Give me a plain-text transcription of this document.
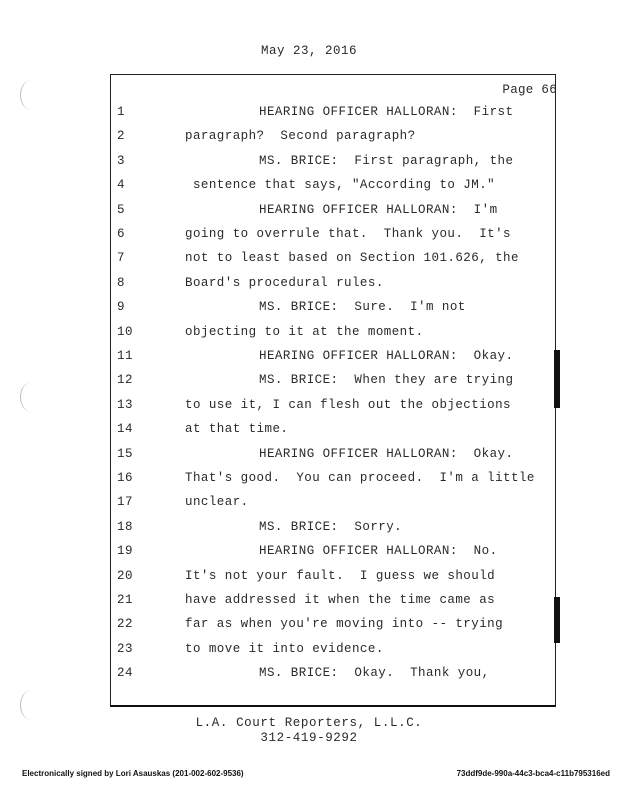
May 23, 2016
Page 66
1	HEARING OFFICER HALLORAN:  First
2	paragraph?  Second paragraph?
3	MS. BRICE:  First paragraph, the
4	sentence that says, "According to JM."
5	HEARING OFFICER HALLORAN:  I'm
6	going to overrule that.  Thank you.  It's
7	not to least based on Section 101.626, the
8	Board's procedural rules.
9	MS. BRICE:  Sure.  I'm not
10	objecting to it at the moment.
11	HEARING OFFICER HALLORAN:  Okay.
12	MS. BRICE:  When they are trying
13	to use it, I can flesh out the objections
14	at that time.
15	HEARING OFFICER HALLORAN:  Okay.
16	That's good.  You can proceed.  I'm a little
17	unclear.
18	MS. BRICE:  Sorry.
19	HEARING OFFICER HALLORAN:  No.
20	It's not your fault.  I guess we should
21	have addressed it when the time came as
22	far as when you're moving into -- trying
23	to move it into evidence.
24	MS. BRICE:  Okay.  Thank you,
L.A. Court Reporters, L.L.C.
312-419-9292
Electronically signed by Lori Asauskas (201-002-602-9536)	73ddf9de-990a-44c3-bca4-c11b795316ed
